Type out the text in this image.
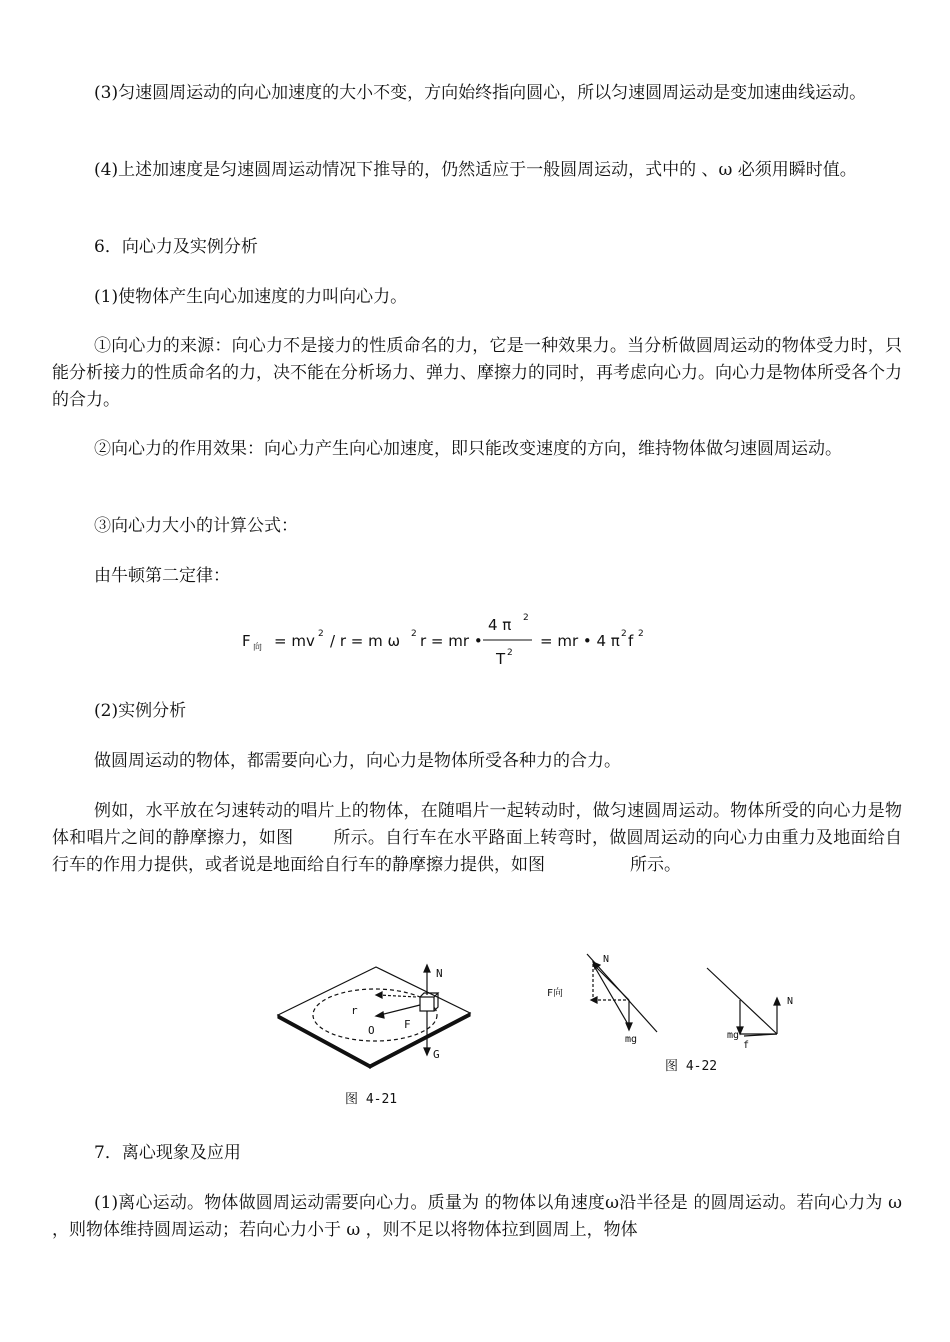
(3)匀速圆周运动的向心加速度的大小不变，方向始终指向圆心，所以匀速圆周运动是变加速曲线运动。

(4)上述加速度是匀速圆周运动情况下推导的，仍然适应于一般圆周运动，式中的 、ω 必须用瞬时值。

6．向心力及实例分析

(1)使物体产生向心加速度的力叫向心力。

①向心力的来源：向心力不是接力的性质命名的力，它是一种效果力。当分析做圆周运动的物体受力时，只能分析接力的性质命名的力，决不能在分析场力、弹力、摩擦力的同时，再考虑向心力。向心力是物体所受各个力的合力。

②向心力的作用效果：向心力产生向心加速度，即只能改变速度的方向，维持物体做匀速圆周运动。

③向心力大小的计算公式：

由牛顿第二定律：

F 向 = mv 2 / r = m ω 2 r = mr •
4 π 2
T 2
= mr • 4 π 2 f 2

(2)实例分析

做圆周运动的物体，都需要向心力，向心力是物体所受各种力的合力。

例如，水平放在匀速转动的唱片上的物体，在随唱片一起转动时，做匀速圆周运动。物体所受的向心力是物体和唱片之间的静摩擦力，如图　　 所示。自行车在水平路面上转弯时，做圆周运动的向心力由重力及地面给自行车的作用力提供，或者说是地面给自行车的静摩擦力提供，如图　　　　　所示。

N
G
F
r
O
图 4-21
F向
N
mg
N
mg
f
图 4-22

7．离心现象及应用

(1)离心运动。物体做圆周运动需要向心力。质量为 的物体以角速度ω沿半径是 的圆周运动。若向心力为 ω ，则物体维持圆周运动；若向心力小于 ω ，则不足以将物体拉到圆周上，物体
